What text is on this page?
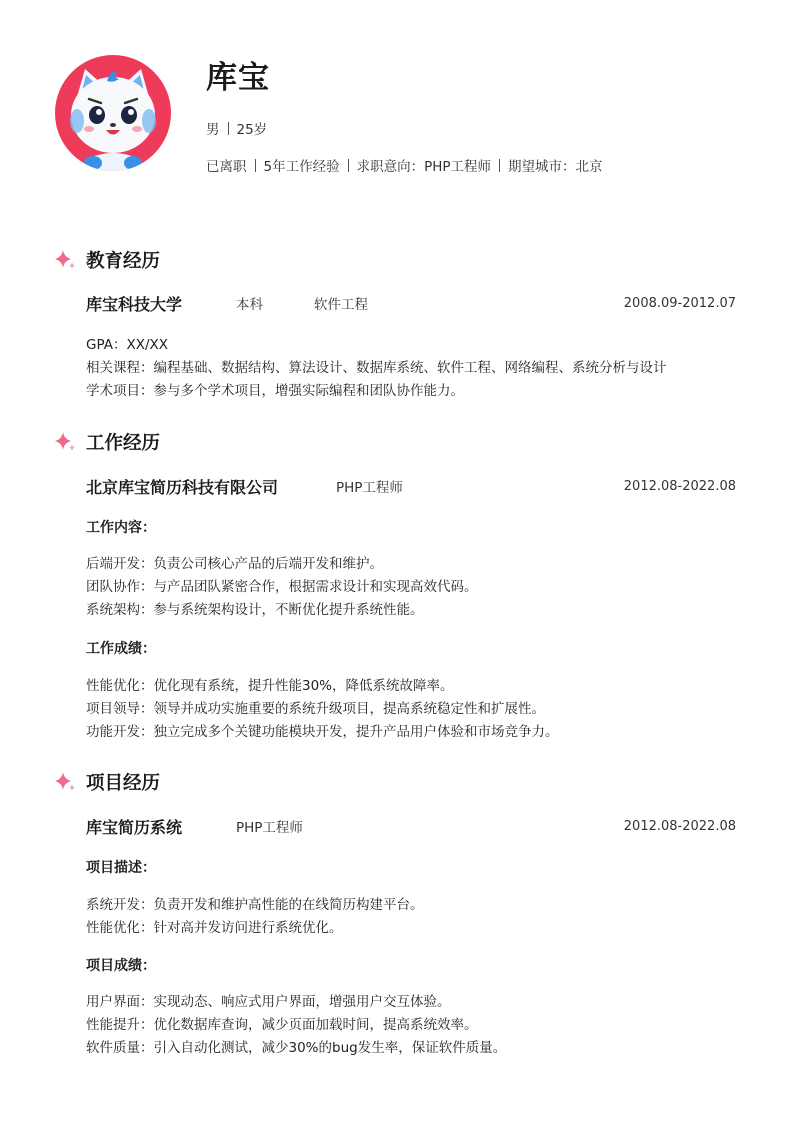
库宝
男 25岁
已离职 5年工作经验 求职意向：PHP工程师 期望城市：北京
教育经历
库宝科技大学	本科	软件工程	2008.09-2012.07
GPA：XX/XX
相关课程：编程基础、数据结构、算法设计、数据库系统、软件工程、网络编程、系统分析与设计
学术项目：参与多个学术项目，增强实际编程和团队协作能力。
工作经历
北京库宝简历科技有限公司	PHP工程师	2012.08-2022.08
工作内容：
后端开发：负责公司核心产品的后端开发和维护。
团队协作：与产品团队紧密合作，根据需求设计和实现高效代码。
系统架构：参与系统架构设计，不断优化提升系统性能。
工作成绩：
性能优化：优化现有系统，提升性能30%，降低系统故障率。
项目领导：领导并成功实施重要的系统升级项目，提高系统稳定性和扩展性。
功能开发：独立完成多个关键功能模块开发，提升产品用户体验和市场竞争力。
项目经历
库宝简历系统	PHP工程师	2012.08-2022.08
项目描述：
系统开发：负责开发和维护高性能的在线简历构建平台。
性能优化：针对高并发访问进行系统优化。
项目成绩：
用户界面：实现动态、响应式用户界面，增强用户交互体验。
性能提升：优化数据库查询，减少页面加载时间，提高系统效率。
软件质量：引入自动化测试，减少30%的bug发生率，保证软件质量。
